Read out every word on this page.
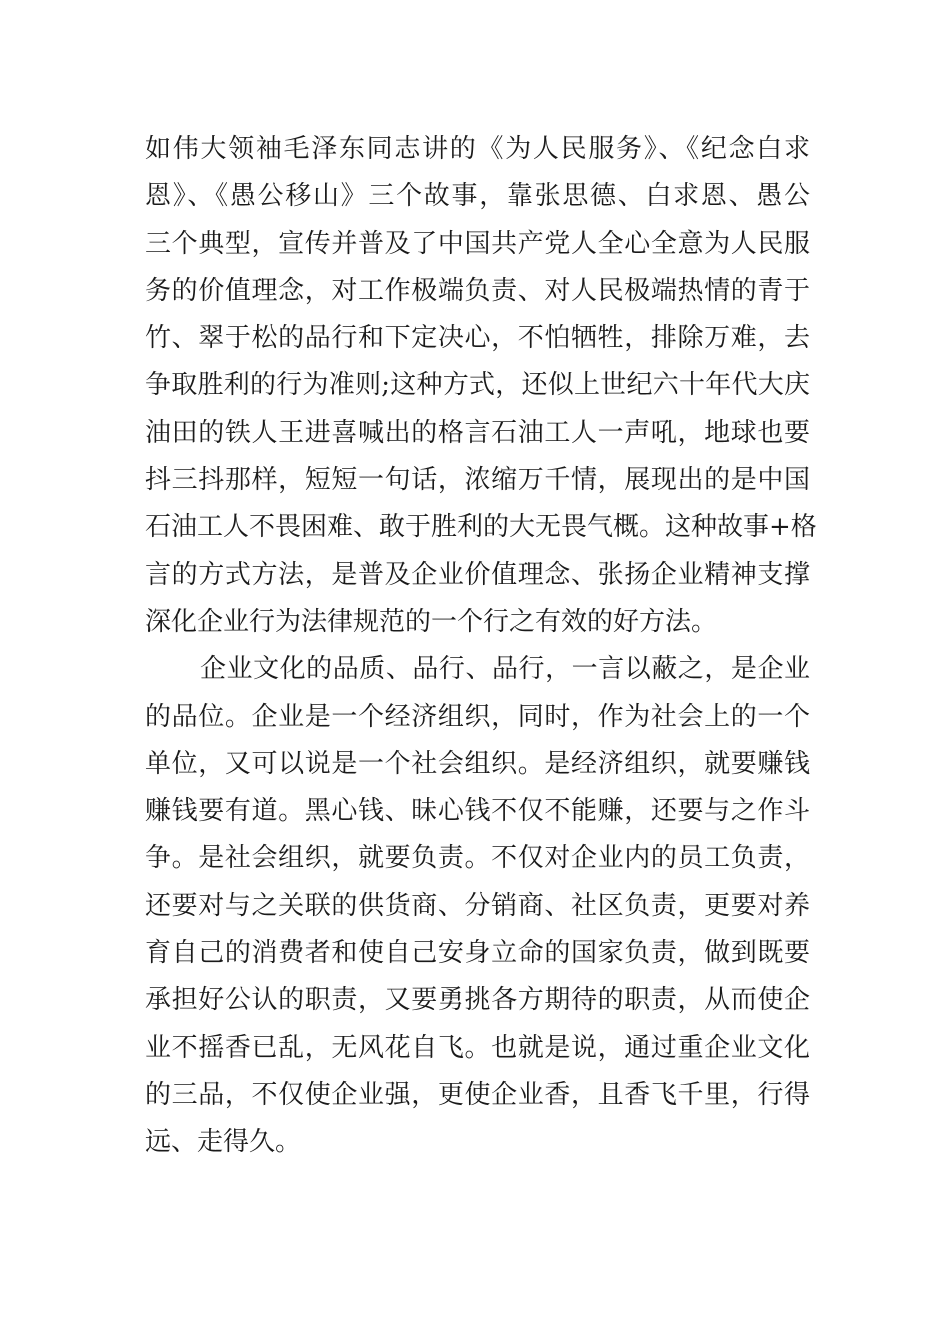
如伟大领袖毛泽东同志讲的《为人民服务》、《纪念白求
恩》、《愚公移山》三个故事，靠张思德、白求恩、愚公
三个典型，宣传并普及了中国共产党人全心全意为人民服
务的价值理念，对工作极端负责、对人民极端热情的青于
竹、翠于松的品行和下定决心，不怕牺牲，排除万难，去
争取胜利的行为准则;这种方式，还似上世纪六十年代大庆
油田的铁人王进喜喊出的格言石油工人一声吼，地球也要
抖三抖那样，短短一句话，浓缩万千情，展现出的是中国
石油工人不畏困难、敢于胜利的大无畏气概。这种故事+格
言的方式方法，是普及企业价值理念、张扬企业精神支撑
深化企业行为法律规范的一个行之有效的好方法。
企业文化的品质、品行、品行，一言以蔽之，是企业
的品位。企业是一个经济组织，同时，作为社会上的一个
单位，又可以说是一个社会组织。是经济组织，就要赚钱
赚钱要有道。黑心钱、昧心钱不仅不能赚，还要与之作斗
争。是社会组织，就要负责。不仅对企业内的员工负责，
还要对与之关联的供货商、分销商、社区负责，更要对养
育自己的消费者和使自己安身立命的国家负责，做到既要
承担好公认的职责，又要勇挑各方期待的职责，从而使企
业不摇香已乱，无风花自飞。也就是说，通过重企业文化
的三品，不仅使企业强，更使企业香，且香飞千里，行得
远、走得久。
